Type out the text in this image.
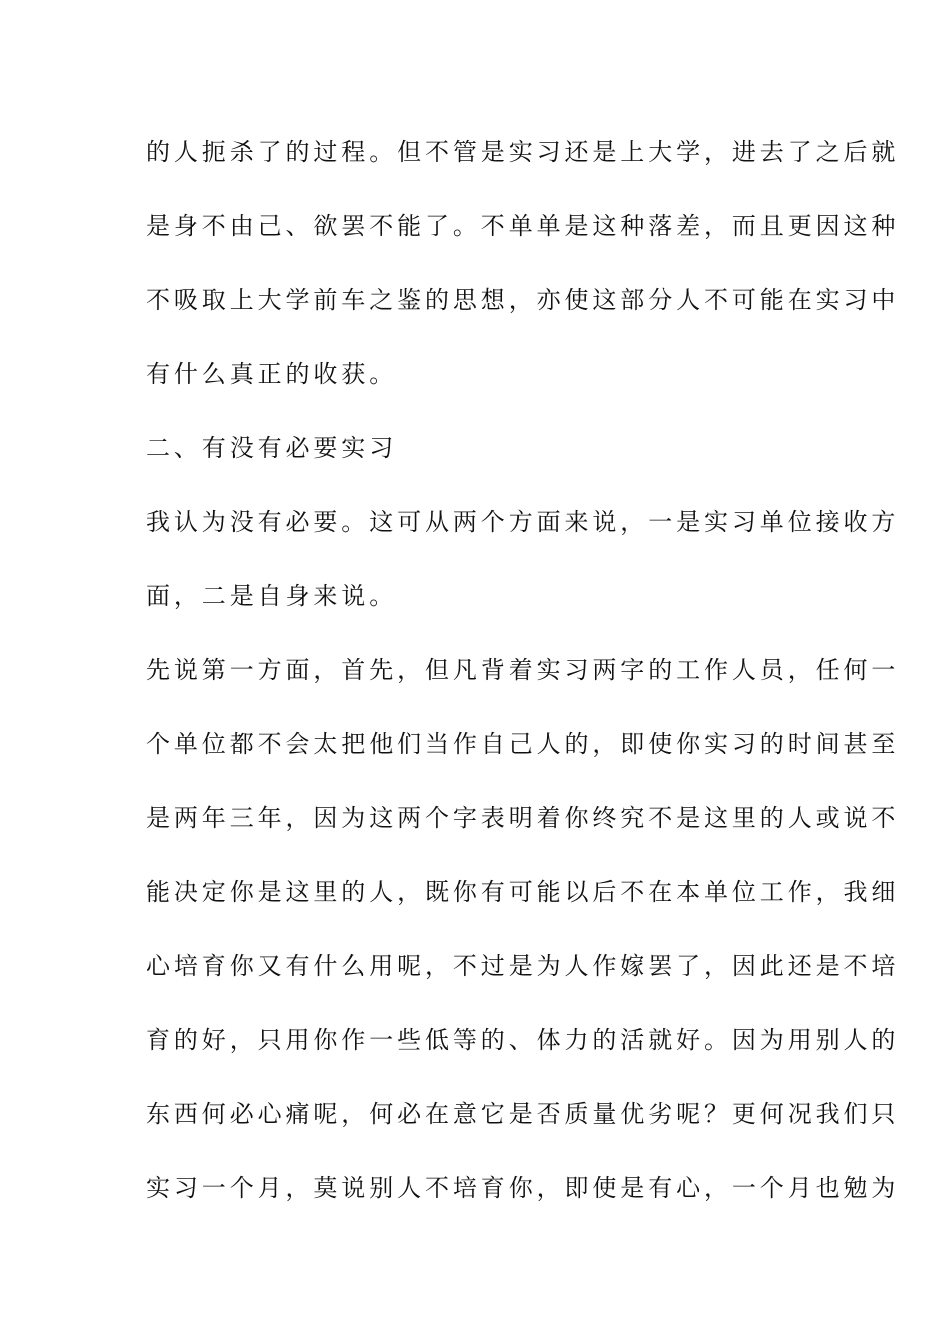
的人扼杀了的过程。但不管是实习还是上大学，进去了之后就
是身不由己、欲罢不能了。不单单是这种落差，而且更因这种
不吸取上大学前车之鉴的思想，亦使这部分人不可能在实习中
有什么真正的收获。
二、有没有必要实习
我认为没有必要。这可从两个方面来说，一是实习单位接收方
面，二是自身来说。
先说第一方面，首先，但凡背着实习两字的工作人员，任何一
个单位都不会太把他们当作自己人的，即使你实习的时间甚至
是两年三年，因为这两个字表明着你终究不是这里的人或说不
能决定你是这里的人，既你有可能以后不在本单位工作，我细
心培育你又有什么用呢，不过是为人作嫁罢了，因此还是不培
育的好，只用你作一些低等的、体力的活就好。因为用别人的
东西何必心痛呢，何必在意它是否质量优劣呢？更何况我们只
实习一个月，莫说别人不培育你，即使是有心，一个月也勉为
